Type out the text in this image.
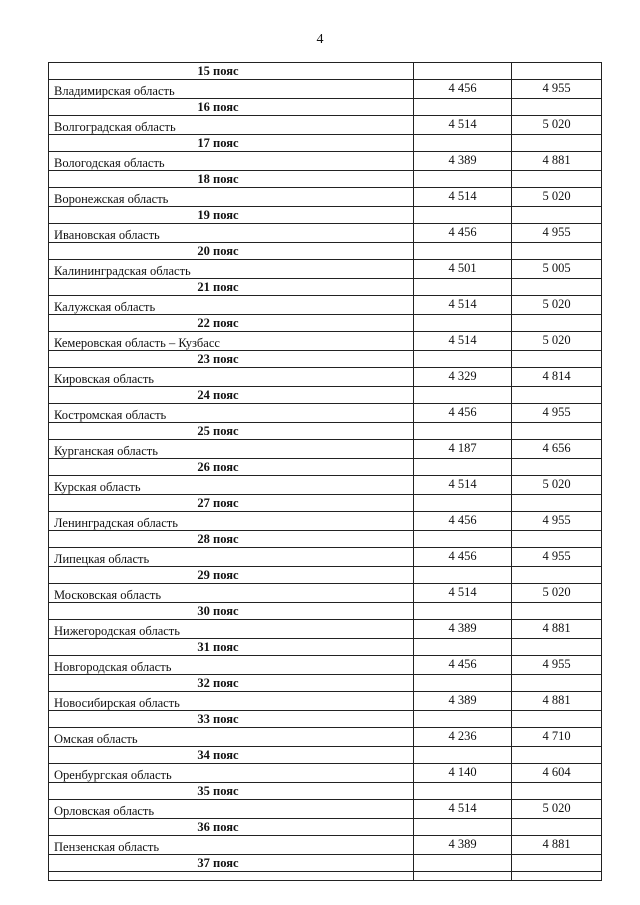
4
15 пояс		
Владимирская область	4 456	4 955
16 пояс		
Волгоградская область	4 514	5 020
17 пояс		
Вологодская область	4 389	4 881
18 пояс		
Воронежская область	4 514	5 020
19 пояс		
Ивановская область	4 456	4 955
20 пояс		
Калининградская область	4 501	5 005
21 пояс		
Калужская область	4 514	5 020
22 пояс		
Кемеровская область – Кузбасс	4 514	5 020
23 пояс		
Кировская область	4 329	4 814
24 пояс		
Костромская область	4 456	4 955
25 пояс		
Курганская область	4 187	4 656
26 пояс		
Курская область	4 514	5 020
27 пояс		
Ленинградская область	4 456	4 955
28 пояс		
Липецкая область	4 456	4 955
29 пояс		
Московская область	4 514	5 020
30 пояс		
Нижегородская область	4 389	4 881
31 пояс		
Новгородская область	4 456	4 955
32 пояс		
Новосибирская область	4 389	4 881
33 пояс		
Омская область	4 236	4 710
34 пояс		
Оренбургская область	4 140	4 604
35 пояс		
Орловская область	4 514	5 020
36 пояс		
Пензенская область	4 389	4 881
37 пояс		
